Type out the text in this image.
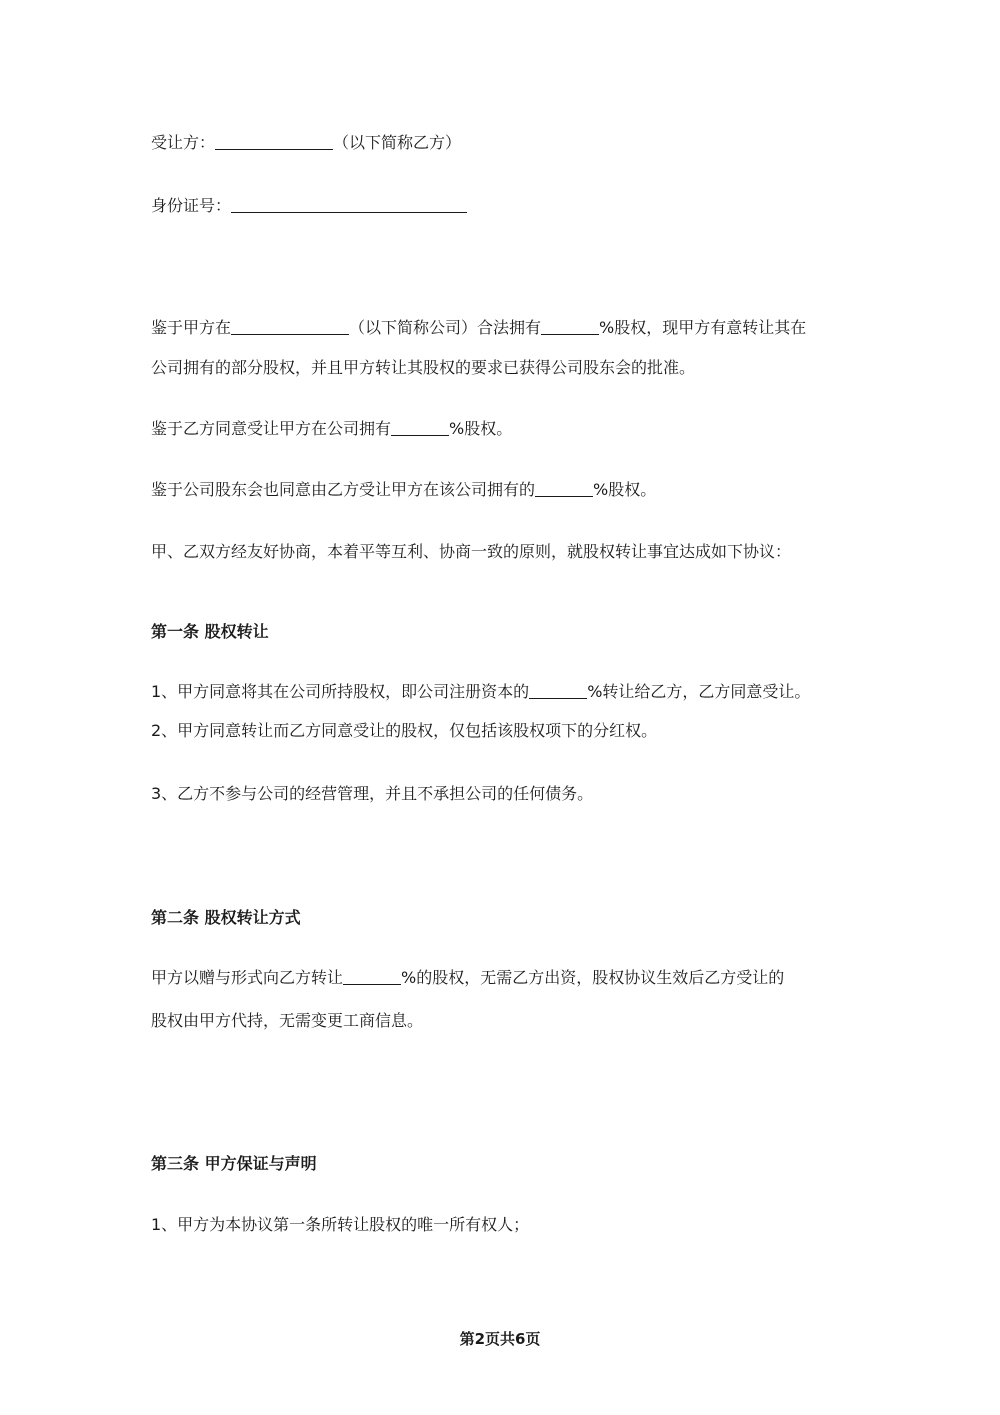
受让方：	（以下简称乙方）
身份证号：
鉴于甲方在	（以下简称公司）合法拥有	%股权，现甲方有意转让其在
公司拥有的部分股权，并且甲方转让其股权的要求已获得公司股东会的批准。
鉴于乙方同意受让甲方在公司拥有	%股权。
鉴于公司股东会也同意由乙方受让甲方在该公司拥有的	%股权。
甲、乙双方经友好协商，本着平等互利、协商一致的原则，就股权转让事宜达成如下协议：
第一条 股权转让
1、甲方同意将其在公司所持股权，即公司注册资本的	%转让给乙方，乙方同意受让。
2、甲方同意转让而乙方同意受让的股权，仅包括该股权项下的分红权。
3、乙方不参与公司的经营管理，并且不承担公司的任何债务。
第二条 股权转让方式
甲方以赠与形式向乙方转让	%的股权，无需乙方出资，股权协议生效后乙方受让的
股权由甲方代持，无需变更工商信息。
第三条 甲方保证与声明
1、甲方为本协议第一条所转让股权的唯一所有权人；
第2页共6页
